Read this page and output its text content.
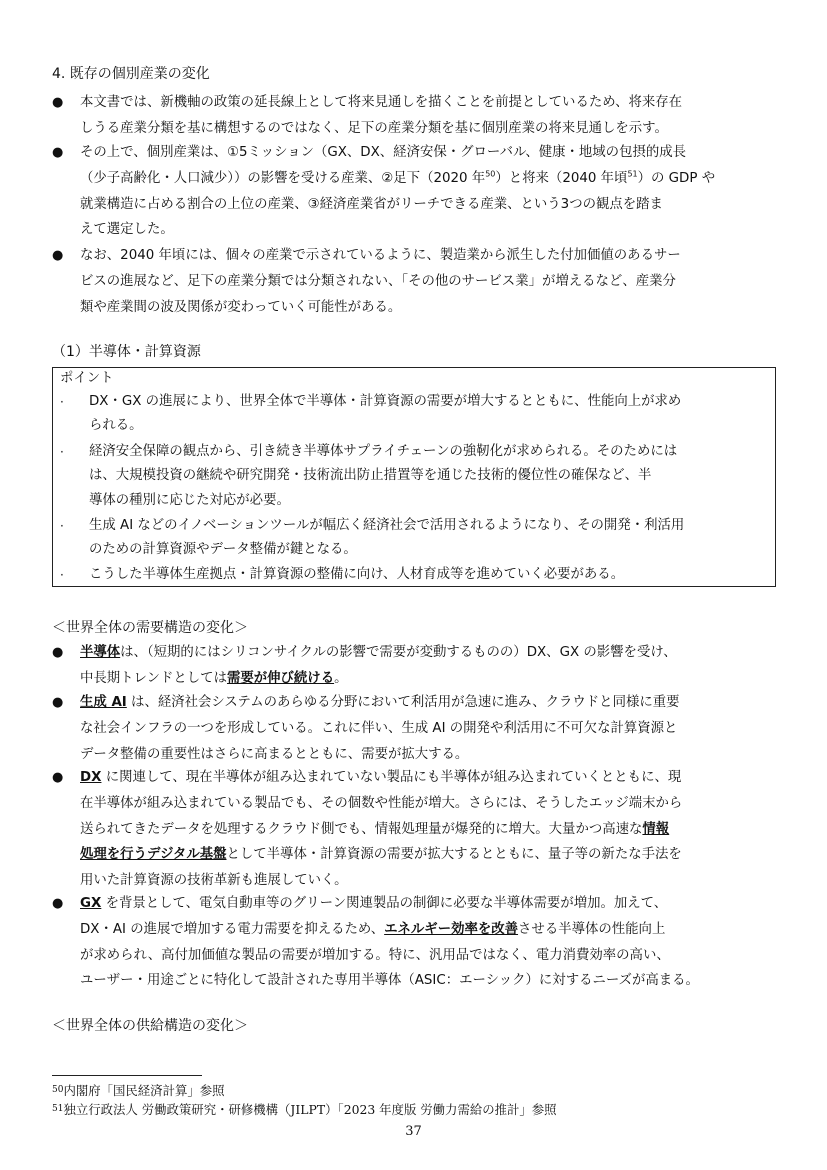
4. 既存の個別産業の変化
● 本文書では、新機軸の政策の延長線上として将来見通しを描くことを前提としているため、将来存在
しうる産業分類を基に構想するのではなく、足下の産業分類を基に個別産業の将来見通しを示す。
● その上で、個別産業は、①5ミッション（GX、DX、経済安保・グローバル、健康・地域の包摂的成長
（少子高齢化・人口減少））の影響を受ける産業、②足下（2020 年$^{50}$）と将来（2040 年頃$^{51}$）の GDP や
就業構造に占める割合の上位の産業、③経済産業省がリーチできる産業、という3つの観点を踏ま
えて選定した。
● なお、2040 年頃には、個々の産業で示されているように、製造業から派生した付加価値のあるサー
ビスの進展など、足下の産業分類では分類されない、「その他のサービス業」が増えるなど、産業分
類や産業間の波及関係が変わっていく可能性がある。
（1）半導体・計算資源
ポイント
· DX・GX の進展により、世界全体で半導体・計算資源の需要が増大するとともに、性能向上が求め
られる。
· 経済安全保障の観点から、引き続き半導体サプライチェーンの強靭化が求められる。そのためには
は、大規模投資の継続や研究開発・技術流出防止措置等を通じた技術的優位性の確保など、半
導体の種別に応じた対応が必要。
· 生成 AI などのイノベーションツールが幅広く経済社会で活用されるようになり、その開発・利活用
のための計算資源やデータ整備が鍵となる。
· こうした半導体生産拠点・計算資源の整備に向け、人材育成等を進めていく必要がある。
＜世界全体の需要構造の変化＞
● 半導体は、（短期的にはシリコンサイクルの影響で需要が変動するものの）DX、GX の影響を受け、
中長期トレンドとしては需要が伸び続ける。
● 生成 AI は、経済社会システムのあらゆる分野において利活用が急速に進み、クラウドと同様に重要
な社会インフラの一つを形成している。これに伴い、生成 AI の開発や利活用に不可欠な計算資源と
データ整備の重要性はさらに高まるとともに、需要が拡大する。
● DX に関連して、現在半導体が組み込まれていない製品にも半導体が組み込まれていくとともに、現
在半導体が組み込まれている製品でも、その個数や性能が増大。さらには、そうしたエッジ端末から
送られてきたデータを処理するクラウド側でも、情報処理量が爆発的に増大。大量かつ高速な情報
処理を行うデジタル基盤として半導体・計算資源の需要が拡大するとともに、量子等の新たな手法を
用いた計算資源の技術革新も進展していく。
● GX を背景として、電気自動車等のグリーン関連製品の制御に必要な半導体需要が増加。加えて、
DX・AI の進展で増加する電力需要を抑えるため、エネルギー効率を改善させる半導体の性能向上
が求められ、高付加価値な製品の需要が増加する。特に、汎用品ではなく、電力消費効率の高い、
ユーザー・用途ごとに特化して設計された専用半導体（ASIC：エーシック）に対するニーズが高まる。
＜世界全体の供給構造の変化＞
$^{50}$内閣府「国民経済計算」参照
$^{51}$独立行政法人 労働政策研究・研修機構（JILPT）「2023 年度版 労働力需給の推計」参照
37
